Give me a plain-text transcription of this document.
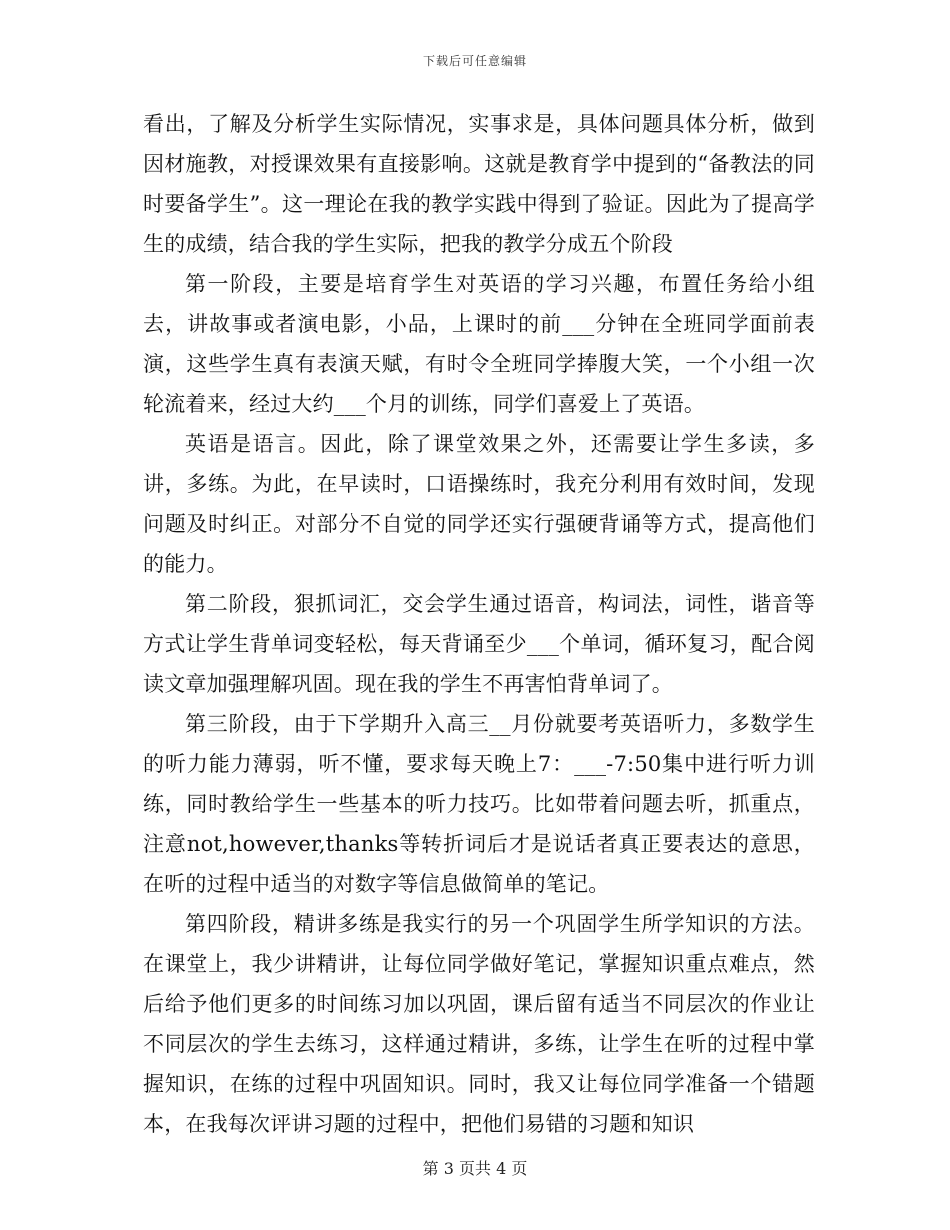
下载后可任意编辑

看出，了解及分析学生实际情况，实事求是，具体问题具体分析，做到因材施教，对授课效果有直接影响。这就是教育学中提到的“备教法的同时要备学生”。这一理论在我的教学实践中得到了验证。因此为了提高学生的成绩，结合我的学生实际，把我的教学分成五个阶段

第一阶段，主要是培育学生对英语的学习兴趣，布置任务给小组去，讲故事或者演电影，小品，上课时的前___分钟在全班同学面前表演，这些学生真有表演天赋，有时令全班同学捧腹大笑，一个小组一次轮流着来，经过大约___个月的训练，同学们喜爱上了英语。

英语是语言。因此，除了课堂效果之外，还需要让学生多读，多讲，多练。为此，在早读时，口语操练时，我充分利用有效时间，发现问题及时纠正。对部分不自觉的同学还实行强硬背诵等方式，提高他们的能力。

第二阶段，狠抓词汇，交会学生通过语音，构词法，词性，谐音等方式让学生背单词变轻松，每天背诵至少___个单词，循环复习，配合阅读文章加强理解巩固。现在我的学生不再害怕背单词了。

第三阶段，由于下学期升入高三__月份就要考英语听力，多数学生的听力能力薄弱，听不懂，要求每天晚上7：___-7:50集中进行听力训练，同时教给学生一些基本的听力技巧。比如带着问题去听，抓重点，注意not,however,thanks等转折词后才是说话者真正要表达的意思，在听的过程中适当的对数字等信息做简单的笔记。

第四阶段，精讲多练是我实行的另一个巩固学生所学知识的方法。在课堂上，我少讲精讲，让每位同学做好笔记，掌握知识重点难点，然后给予他们更多的时间练习加以巩固，课后留有适当不同层次的作业让不同层次的学生去练习，这样通过精讲，多练，让学生在听的过程中掌握知识，在练的过程中巩固知识。同时，我又让每位同学准备一个错题本，在我每次评讲习题的过程中，把他们易错的习题和知识

第 3 页共 4 页
